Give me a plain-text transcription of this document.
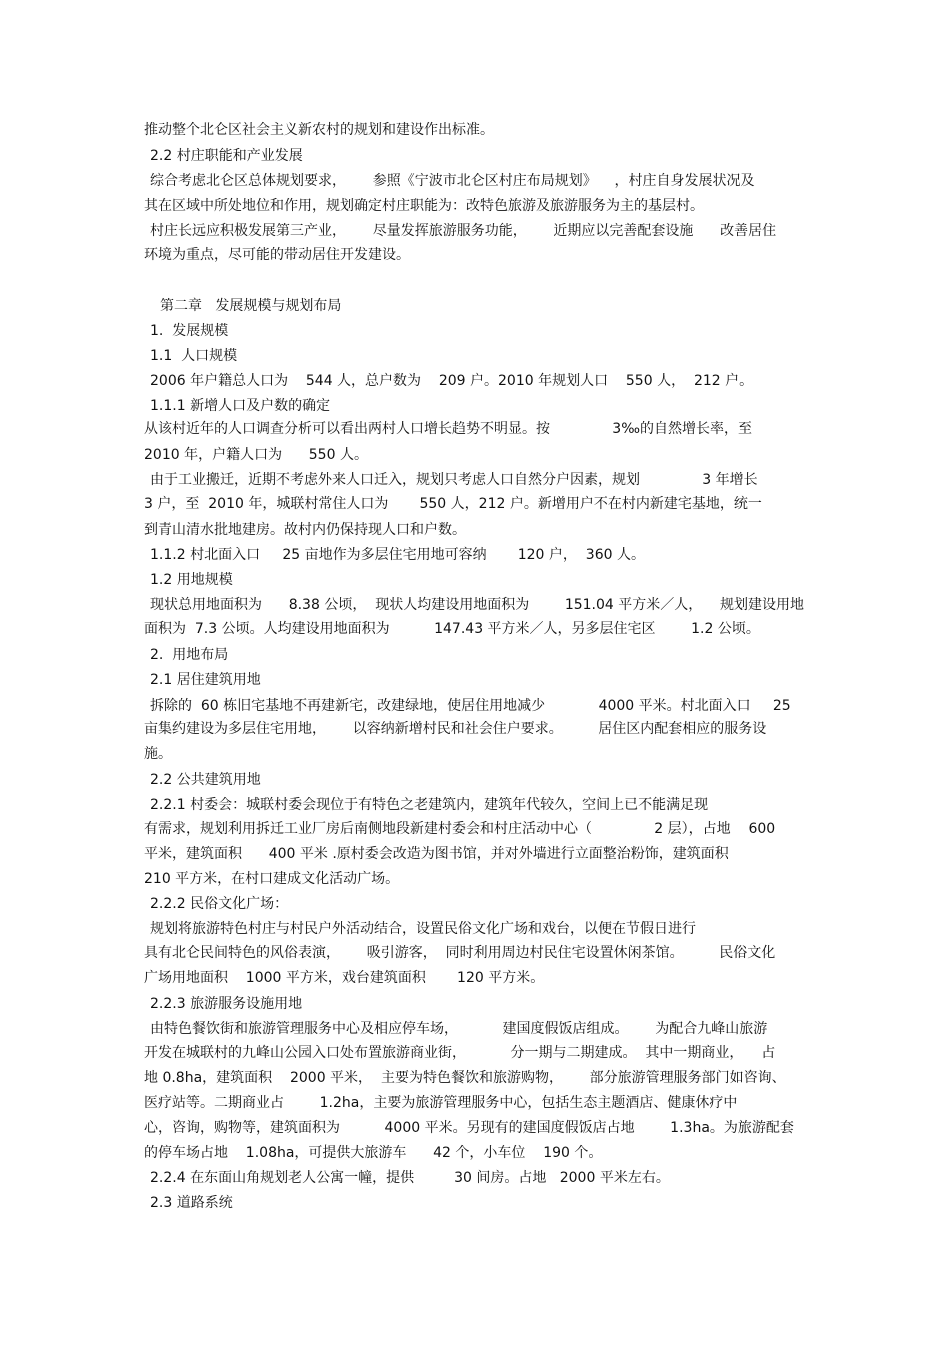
推动整个北仑区社会主义新农村的规划和建设作出标准。
2.2 村庄职能和产业发展
综合考虑北仑区总体规划要求，      参照《宁波市北仑区村庄布局规划》    ，村庄自身发展状况及
其在区域中所处地位和作用，规划确定村庄职能为：改特色旅游及旅游服务为主的基层村。
村庄长远应积极发展第三产业，      尽量发挥旅游服务功能，      近期应以完善配套设施      改善居住
环境为重点，尽可能的带动居住开发建设。
第二章   发展规模与规划布局
1.  发展规模
1.1  人口规模
2006 年户籍总人口为    544 人，总户数为    209 户。2010 年规划人口    550 人，  212 户。
1.1.1 新增人口及户数的确定
从该村近年的人口调查分析可以看出两村人口增长趋势不明显。按              3‰的自然增长率，至
2010 年，户籍人口为      550 人。
由于工业搬迁，近期不考虑外来人口迁入，规划只考虑人口自然分户因素，规划              3 年增长
3 户，至  2010 年，城联村常住人口为       550 人，212 户。新增用户不在村内新建宅基地，统一
到青山清水批地建房。故村内仍保持现人口和户数。
1.1.2 村北面入口     25 亩地作为多层住宅用地可容纳       120 户，  360 人。
1.2 用地规模
现状总用地面积为      8.38 公顷，  现状人均建设用地面积为        151.04 平方米／人，    规划建设用地
面积为  7.3 公顷。人均建设用地面积为          147.43 平方米／人，另多层住宅区        1.2 公顷。
2.  用地布局
2.1 居住建筑用地
拆除的  60 栋旧宅基地不再建新宅，改建绿地，使居住用地减少            4000 平米。村北面入口     25
亩集约建设为多层住宅用地，      以容纳新增村民和社会住户要求。        居住区内配套相应的服务设
施。
2.2 公共建筑用地
2.2.1 村委会：城联村委会现位于有特色之老建筑内，建筑年代较久，空间上已不能满足现
有需求，规划利用拆迁工业厂房后南侧地段新建村委会和村庄活动中心（              2 层），占地    600
平米，建筑面积      400 平米 .原村委会改造为图书馆，并对外墙进行立面整治粉饰，建筑面积
210 平方米，在村口建成文化活动广场。
2.2.2 民俗文化广场：
规划将旅游特色村庄与村民户外活动结合，设置民俗文化广场和戏台，以便在节假日进行
具有北仑民间特色的风俗表演，      吸引游客，  同时利用周边村民住宅设置休闲茶馆。        民俗文化
广场用地面积    1000 平方米，戏台建筑面积       120 平方米。
2.2.3 旅游服务设施用地
由特色餐饮街和旅游管理服务中心及相应停车场，          建国度假饭店组成。      为配合九峰山旅游
开发在城联村的九峰山公园入口处布置旅游商业街，          分一期与二期建成。  其中一期商业，    占
地 0.8ha，建筑面积    2000 平米，  主要为特色餐饮和旅游购物，      部分旅游管理服务部门如咨询、
医疗站等。二期商业占        1.2ha，主要为旅游管理服务中心，包括生态主题酒店、健康休疗中
心，咨询，购物等，建筑面积为          4000 平米。另现有的建国度假饭店占地        1.3ha。为旅游配套
的停车场占地    1.08ha，可提供大旅游车      42 个，小车位    190 个。
2.2.4 在东面山角规划老人公寓一幢，提供         30 间房。占地   2000 平米左右。
2.3 道路系统
